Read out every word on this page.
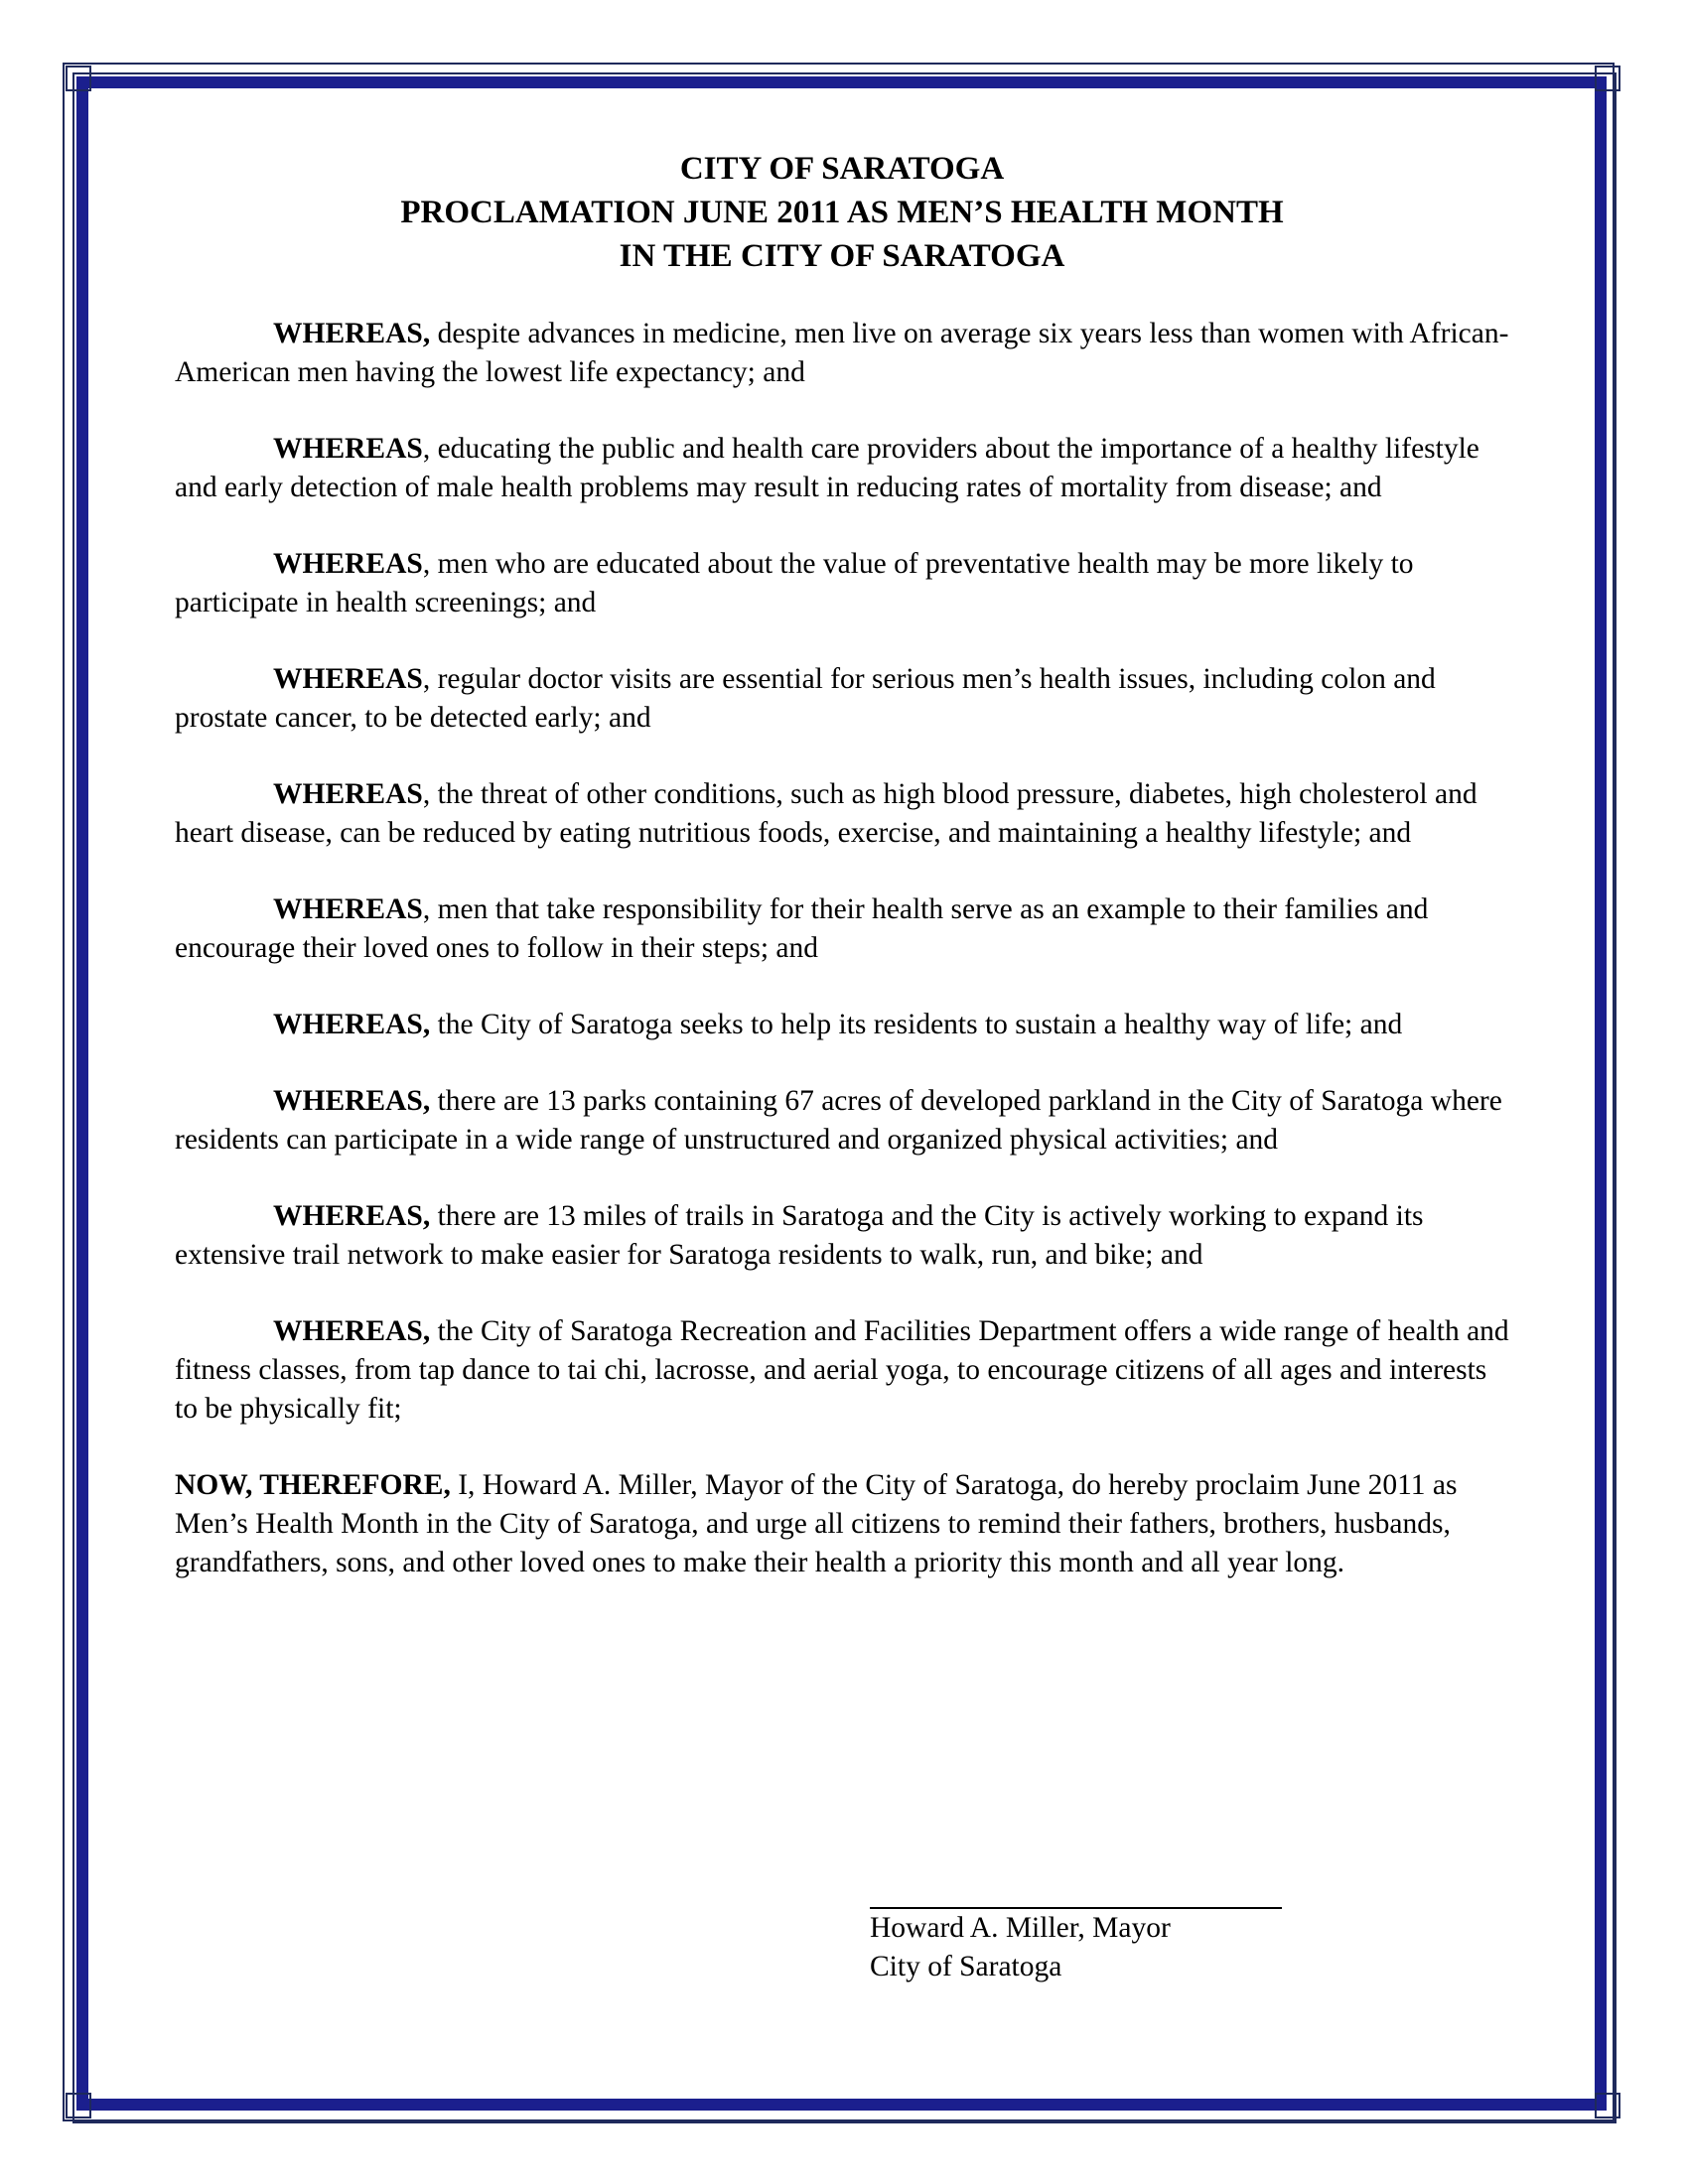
CITY OF SARATOGA
PROCLAMATION JUNE 2011 AS MEN’S HEALTH MONTH
IN THE CITY OF SARATOGA

WHEREAS, despite advances in medicine, men live on average six years less than women with African-American men having the lowest life expectancy; and

WHEREAS, educating the public and health care providers about the importance of a healthy lifestyle and early detection of male health problems may result in reducing rates of mortality from disease; and

WHEREAS, men who are educated about the value of preventative health may be more likely to participate in health screenings; and

WHEREAS, regular doctor visits are essential for serious men’s health issues, including colon and prostate cancer, to be detected early; and

WHEREAS, the threat of other conditions, such as high blood pressure, diabetes, high cholesterol and heart disease, can be reduced by eating nutritious foods, exercise, and maintaining a healthy lifestyle; and

WHEREAS, men that take responsibility for their health serve as an example to their families and encourage their loved ones to follow in their steps; and

WHEREAS, the City of Saratoga seeks to help its residents to sustain a healthy way of life; and

WHEREAS, there are 13 parks containing 67 acres of developed parkland in the City of Saratoga where residents can participate in a wide range of unstructured and organized physical activities; and

WHEREAS, there are 13 miles of trails in Saratoga and the City is actively working to expand its extensive trail network to make easier for Saratoga residents to walk, run, and bike; and

WHEREAS, the City of Saratoga Recreation and Facilities Department offers a wide range of health and fitness classes, from tap dance to tai chi, lacrosse, and aerial yoga, to encourage citizens of all ages and interests to be physically fit;

NOW, THEREFORE, I, Howard A. Miller, Mayor of the City of Saratoga, do hereby proclaim June 2011 as Men’s Health Month in the City of Saratoga, and urge all citizens to remind their fathers, brothers, husbands, grandfathers, sons, and other loved ones to make their health a priority this month and all year long.

Howard A. Miller, Mayor
City of Saratoga
